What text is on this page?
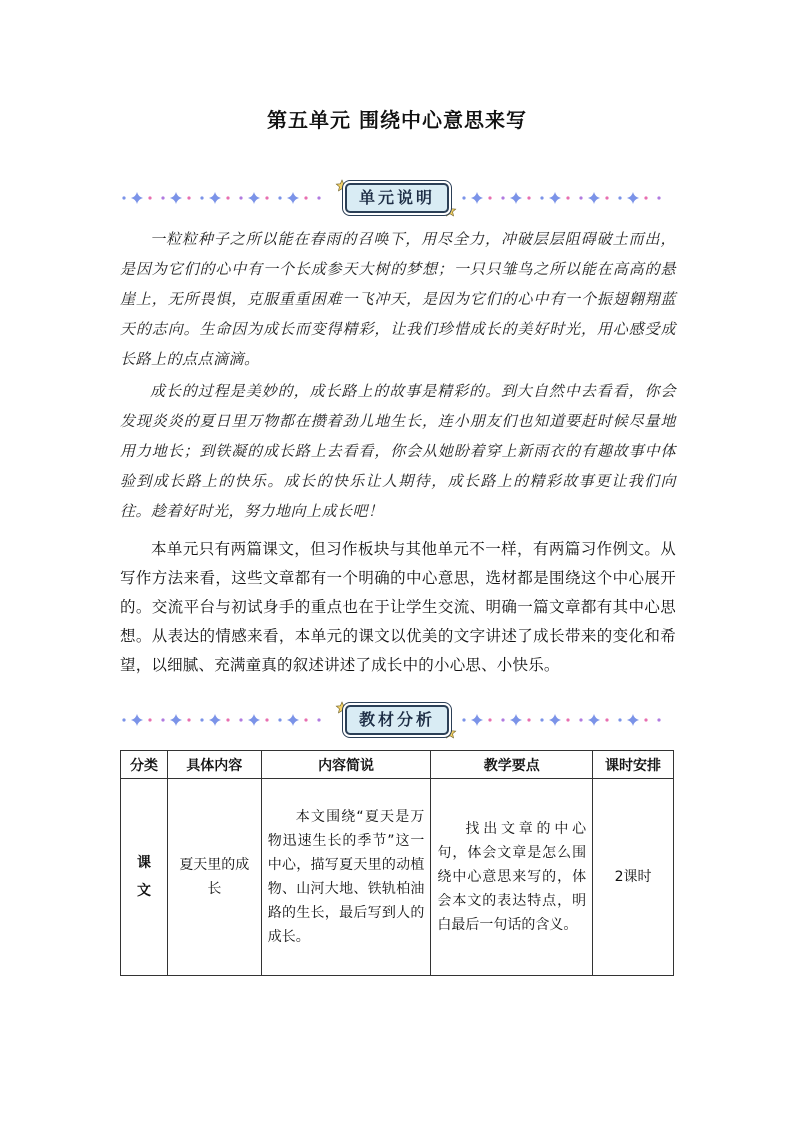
第五单元 围绕中心意思来写
单元说明

一粒粒种子之所以能在春雨的召唤下，用尽全力，冲破层层阻碍破土而出，是因为它们的心中有一个长成参天大树的梦想；一只只雏鸟之所以能在高高的悬崖上，无所畏惧，克服重重困难一飞冲天，是因为它们的心中有一个振翅翱翔蓝天的志向。生命因为成长而变得精彩，让我们珍惜成长的美好时光，用心感受成长路上的点点滴滴。

成长的过程是美妙的，成长路上的故事是精彩的。到大自然中去看看，你会发现炎炎的夏日里万物都在攒着劲儿地生长，连小朋友们也知道要赶时候尽量地用力地长；到铁凝的成长路上去看看，你会从她盼着穿上新雨衣的有趣故事中体验到成长路上的快乐。成长的快乐让人期待，成长路上的精彩故事更让我们向往。趁着好时光，努力地向上成长吧！

本单元只有两篇课文，但习作板块与其他单元不一样，有两篇习作例文。从写作方法来看，这些文章都有一个明确的中心意思，选材都是围绕这个中心展开的。交流平台与初试身手的重点也在于让学生交流、明确一篇文章都有其中心思想。从表达的情感来看，本单元的课文以优美的文字讲述了成长带来的变化和希望，以细腻、充满童真的叙述讲述了成长中的小心思、小快乐。

教材分析
分类	具体内容	内容简说	教学要点	课时安排

课文	夏天里的成长	本文围绕“夏天是万物迅速生长的季节”这一中心，描写夏天里的动植物、山河大地、铁轨柏油路的生长，最后写到人的成长。	找出文章的中心句，体会文章是怎么围绕中心意思来写的，体会本文的表达特点，明白最后一句话的含义。	2课时
